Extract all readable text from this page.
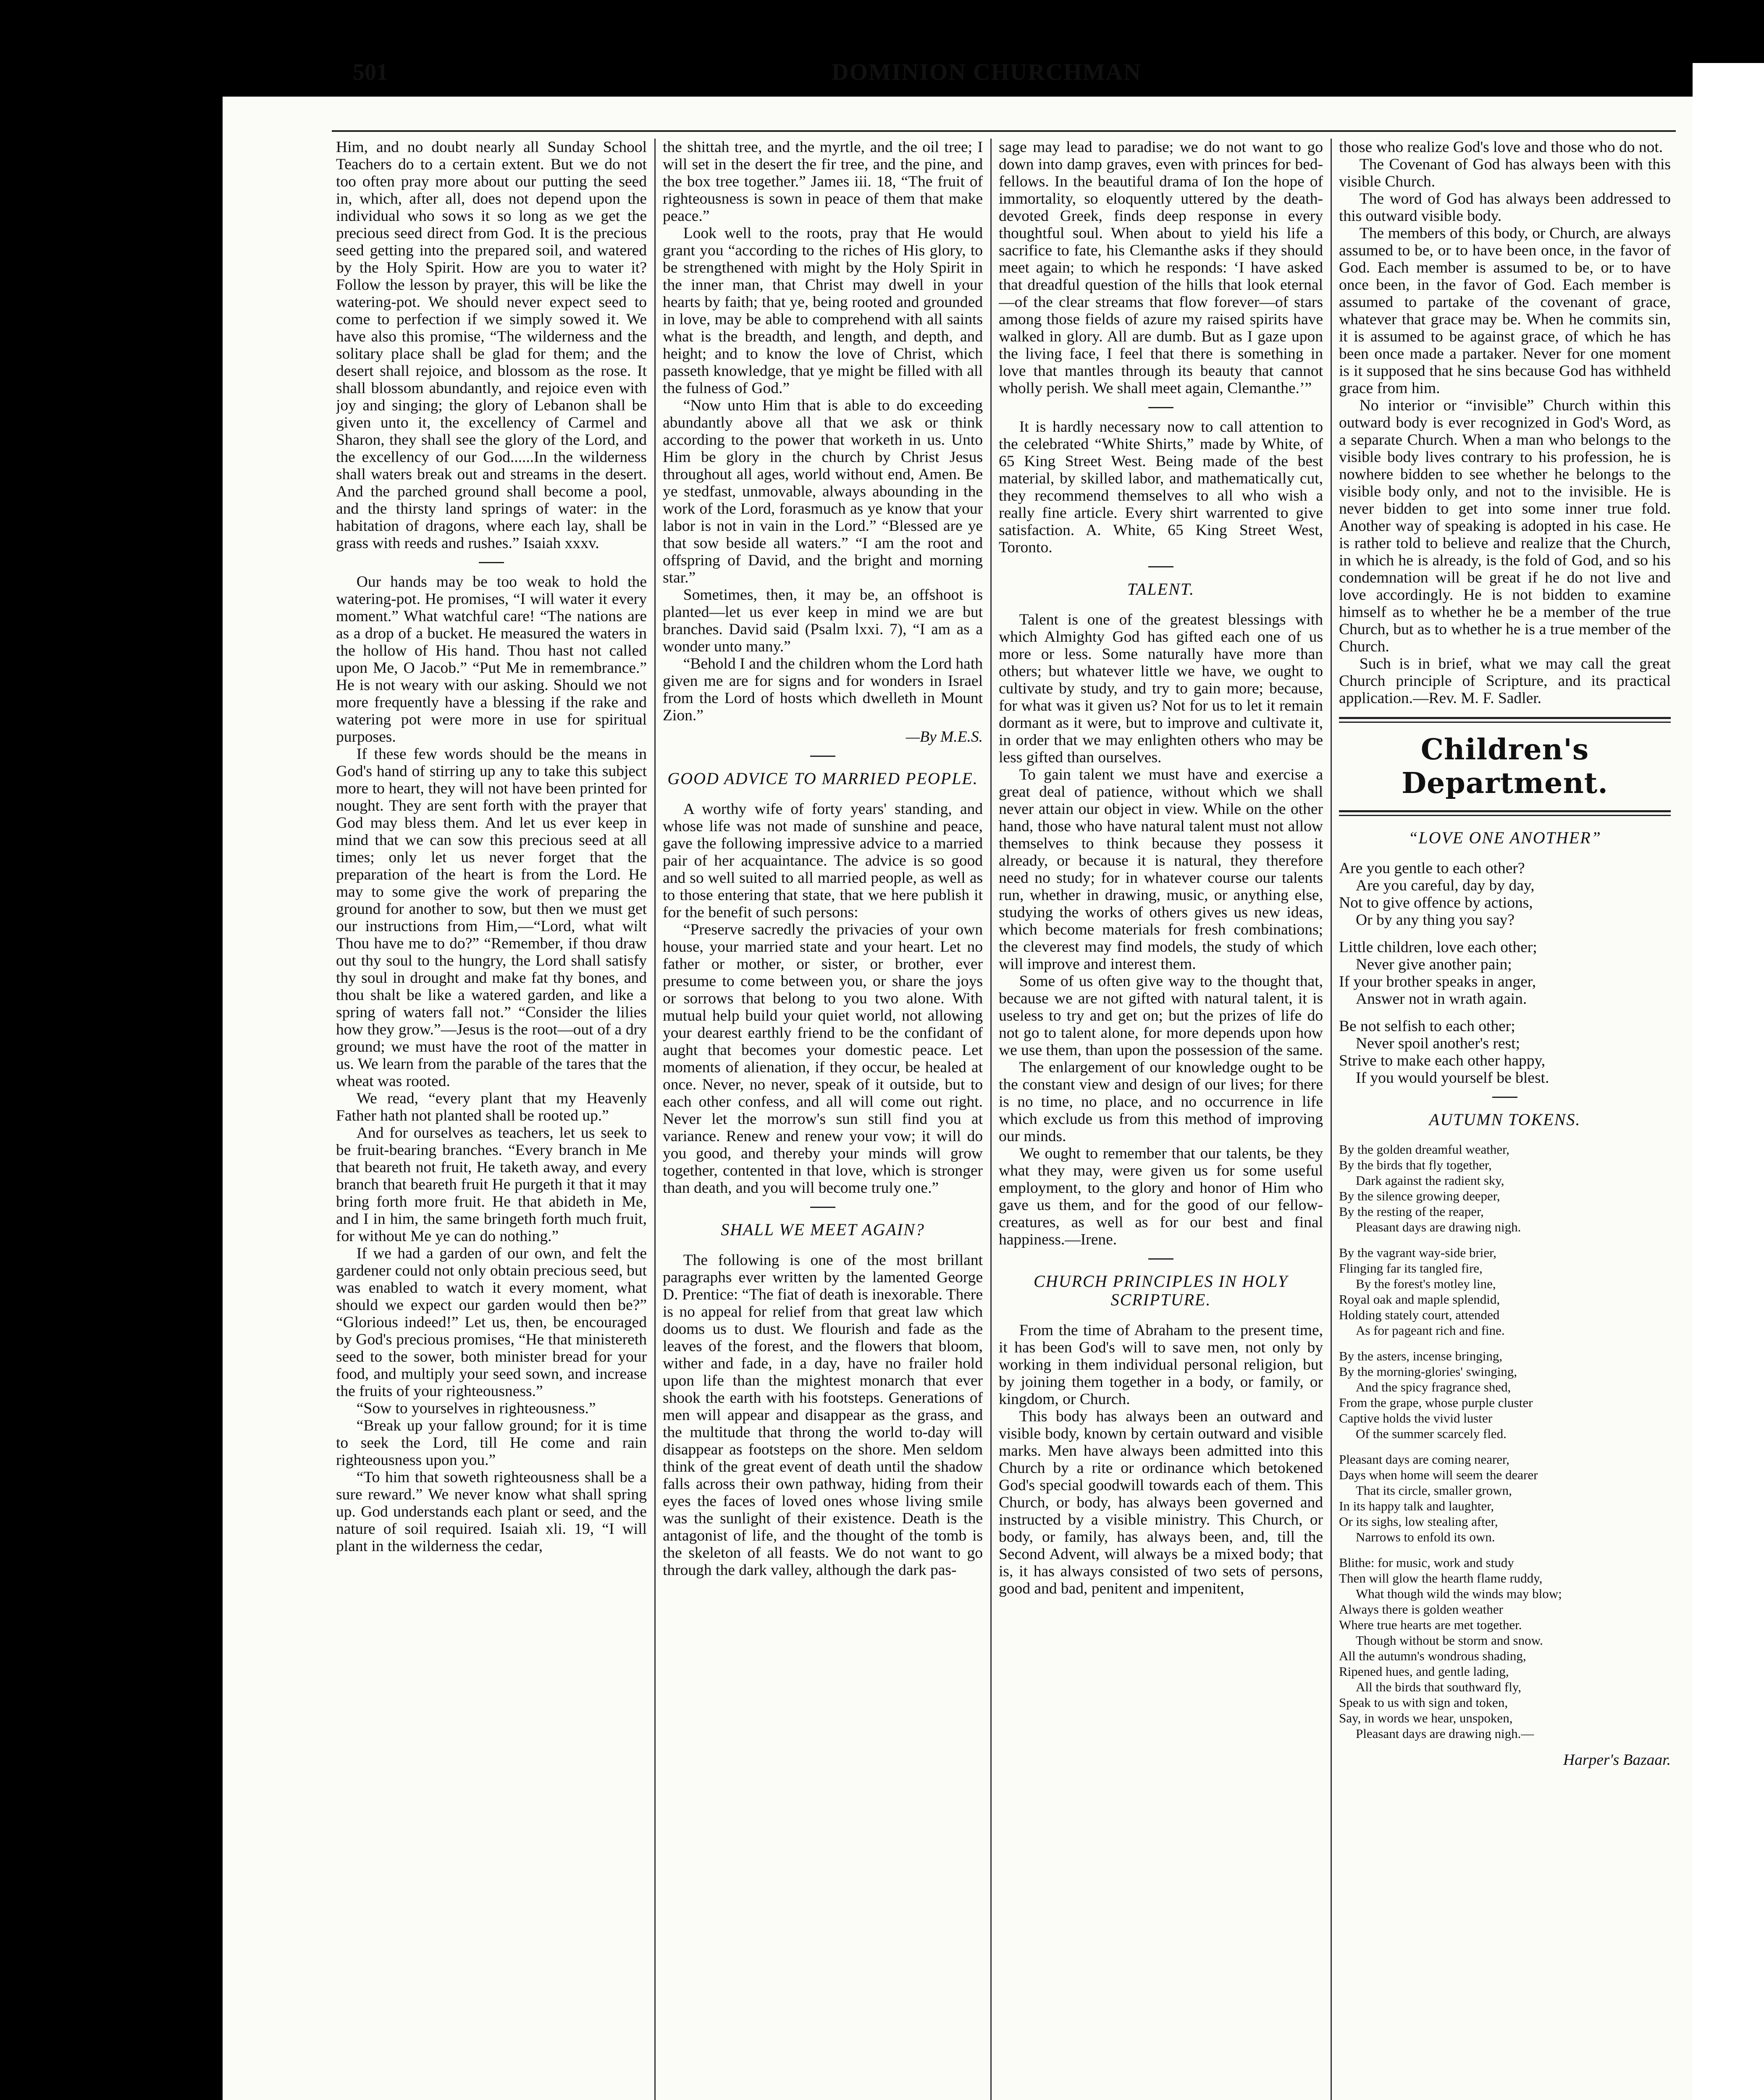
501	DOMINION CHURCHMAN

Him, and no doubt nearly all Sunday School Teachers do to a certain extent. But we do not too often pray more about our putting the seed in, which, after all, does not depend upon the individual who sows it so long as we get the precious seed direct from God. It is the precious seed getting into the prepared soil, and watered by the Holy Spirit. How are you to water it? Follow the lesson by prayer, this will be like the watering-pot. We should never expect seed to come to perfection if we simply sowed it. We have also this promise, “The wilderness and the solitary place shall be glad for them; and the desert shall rejoice, and blossom as the rose. It shall blossom abundantly, and rejoice even with joy and singing; the glory of Lebanon shall be given unto it, the excellency of Carmel and Sharon, they shall see the glory of the Lord, and the excellency of our God......In the wilderness shall waters break out and streams in the desert. And the parched ground shall become a pool, and the thirsty land springs of water: in the habitation of dragons, where each lay, shall be grass with reeds and rushes.” Isaiah xxxv.

Our hands may be too weak to hold the watering-pot. He promises, “I will water it every moment.” What watchful care! “The nations are as a drop of a bucket. He measured the waters in the hollow of His hand. Thou hast not called upon Me, O Jacob.” “Put Me in remembrance.” He is not weary with our asking. Should we not more frequently have a blessing if the rake and watering pot were more in use for spiritual purposes.

If these few words should be the means in God's hand of stirring up any to take this subject more to heart, they will not have been printed for nought. They are sent forth with the prayer that God may bless them. And let us ever keep in mind that we can sow this precious seed at all times; only let us never forget that the preparation of the heart is from the Lord. He may to some give the work of preparing the ground for another to sow, but then we must get our instructions from Him,—“Lord, what wilt Thou have me to do?” “Remember, if thou draw out thy soul to the hungry, the Lord shall satisfy thy soul in drought and make fat thy bones, and thou shalt be like a watered garden, and like a spring of waters fall not.” “Consider the lilies how they grow.”—Jesus is the root—out of a dry ground; we must have the root of the matter in us. We learn from the parable of the tares that the wheat was rooted.

We read, “every plant that my Heavenly Father hath not planted shall be rooted up.”

And for ourselves as teachers, let us seek to be fruit-bearing branches. “Every branch in Me that beareth not fruit, He taketh away, and every branch that beareth fruit He purgeth it that it may bring forth more fruit. He that abideth in Me, and I in him, the same bringeth forth much fruit, for without Me ye can do nothing.”

If we had a garden of our own, and felt the gardener could not only obtain precious seed, but was enabled to watch it every moment, what should we expect our garden would then be?” “Glorious indeed!” Let us, then, be encouraged by God's precious promises, “He that ministereth seed to the sower, both minister bread for your food, and multiply your seed sown, and increase the fruits of your righteousness.”

“Sow to yourselves in righteousness.”

“Break up your fallow ground; for it is time to seek the Lord, till He come and rain righteousness upon you.”

“To him that soweth righteousness shall be a sure reward.” We never know what shall spring up. God understands each plant or seed, and the nature of soil required. Isaiah xli. 19, “I will plant in the wilderness the cedar,

the shittah tree, and the myrtle, and the oil tree; I will set in the desert the fir tree, and the pine, and the box tree together.” James iii. 18, “The fruit of righteousness is sown in peace of them that make peace.”

Look well to the roots, pray that He would grant you “according to the riches of His glory, to be strengthened with might by the Holy Spirit in the inner man, that Christ may dwell in your hearts by faith; that ye, being rooted and grounded in love, may be able to comprehend with all saints what is the breadth, and length, and depth, and height; and to know the love of Christ, which passeth knowledge, that ye might be filled with all the fulness of God.”

“Now unto Him that is able to do exceeding abundantly above all that we ask or think according to the power that worketh in us. Unto Him be glory in the church by Christ Jesus throughout all ages, world without end, Amen. Be ye stedfast, unmovable, always abounding in the work of the Lord, forasmuch as ye know that your labor is not in vain in the Lord.” “Blessed are ye that sow beside all waters.” “I am the root and offspring of David, and the bright and morning star.”

Sometimes, then, it may be, an offshoot is planted—let us ever keep in mind we are but branches. David said (Psalm lxxi. 7), “I am as a wonder unto many.”

“Behold I and the children whom the Lord hath given me are for signs and for wonders in Israel from the Lord of hosts which dwelleth in Mount Zion.”

—By M.E.S.
GOOD ADVICE TO MARRIED PEOPLE.

A worthy wife of forty years' standing, and whose life was not made of sunshine and peace, gave the following impressive advice to a married pair of her acquaintance. The advice is so good and so well suited to all married people, as well as to those entering that state, that we here publish it for the benefit of such persons:

“Preserve sacredly the privacies of your own house, your married state and your heart. Let no father or mother, or sister, or brother, ever presume to come between you, or share the joys or sorrows that belong to you two alone. With mutual help build your quiet world, not allowing your dearest earthly friend to be the confidant of aught that becomes your domestic peace. Let moments of alienation, if they occur, be healed at once. Never, no never, speak of it outside, but to each other confess, and all will come out right. Never let the morrow's sun still find you at variance. Renew and renew your vow; it will do you good, and thereby your minds will grow together, contented in that love, which is stronger than death, and you will become truly one.”

SHALL WE MEET AGAIN?

The following is one of the most brillant paragraphs ever written by the lamented George D. Prentice: “The fiat of death is inexorable. There is no appeal for relief from that great law which dooms us to dust. We flourish and fade as the leaves of the forest, and the flowers that bloom, wither and fade, in a day, have no frailer hold upon life than the mightest monarch that ever shook the earth with his footsteps. Generations of men will appear and disappear as the grass, and the multitude that throng the world to-day will disappear as footsteps on the shore. Men seldom think of the great event of death until the shadow falls across their own pathway, hiding from their eyes the faces of loved ones whose living smile was the sunlight of their existence. Death is the antagonist of life, and the thought of the tomb is the skeleton of all feasts. We do not want to go through the dark valley, although the dark pas-

sage may lead to paradise; we do not want to go down into damp graves, even with princes for bed-fellows. In the beautiful drama of Ion the hope of immortality, so eloquently uttered by the death-devoted Greek, finds deep response in every thoughtful soul. When about to yield his life a sacrifice to fate, his Clemanthe asks if they should meet again; to which he responds: ‘I have asked that dreadful question of the hills that look eternal—of the clear streams that flow forever—of stars among those fields of azure my raised spirits have walked in glory. All are dumb. But as I gaze upon the living face, I feel that there is something in love that mantles through its beauty that cannot wholly perish. We shall meet again, Clemanthe.’”

It is hardly necessary now to call attention to the celebrated “White Shirts,” made by White, of 65 King Street West. Being made of the best material, by skilled labor, and mathematically cut, they recommend themselves to all who wish a really fine article. Every shirt warrented to give satisfaction. A. White, 65 King Street West, Toronto.

TALENT.

Talent is one of the greatest blessings with which Almighty God has gifted each one of us more or less. Some naturally have more than others; but whatever little we have, we ought to cultivate by study, and try to gain more; because, for what was it given us? Not for us to let it remain dormant as it were, but to improve and cultivate it, in order that we may enlighten others who may be less gifted than ourselves.

To gain talent we must have and exercise a great deal of patience, without which we shall never attain our object in view. While on the other hand, those who have natural talent must not allow themselves to think because they possess it already, or because it is natural, they therefore need no study; for in whatever course our talents run, whether in drawing, music, or anything else, studying the works of others gives us new ideas, which become materials for fresh combinations; the cleverest may find models, the study of which will improve and interest them.

Some of us often give way to the thought that, because we are not gifted with natural talent, it is useless to try and get on; but the prizes of life do not go to talent alone, for more depends upon how we use them, than upon the possession of the same.

The enlargement of our knowledge ought to be the constant view and design of our lives; for there is no time, no place, and no occurrence in life which exclude us from this method of improving our minds.

We ought to remember that our talents, be they what they may, were given us for some useful employment, to the glory and honor of Him who gave us them, and for the good of our fellow-creatures, as well as for our best and final happiness.—Irene.

CHURCH PRINCIPLES IN HOLY SCRIPTURE.

From the time of Abraham to the present time, it has been God's will to save men, not only by working in them individual personal religion, but by joining them together in a body, or family, or kingdom, or Church.

This body has always been an outward and visible body, known by certain outward and visible marks. Men have always been admitted into this Church by a rite or ordinance which betokened God's special goodwill towards each of them. This Church, or body, has always been governed and instructed by a visible ministry. This Church, or body, or family, has always been, and, till the Second Advent, will always be a mixed body; that is, it has always consisted of two sets of persons, good and bad, penitent and impenitent,

those who realize God's love and those who do not.

The Covenant of God has always been with this visible Church.

The word of God has always been addressed to this outward visible body.

The members of this body, or Church, are always assumed to be, or to have been once, in the favor of God. Each member is assumed to be, or to have once been, in the favor of God. Each member is assumed to partake of the covenant of grace, whatever that grace may be. When he commits sin, it is assumed to be against grace, of which he has been once made a partaker. Never for one moment is it supposed that he sins because God has withheld grace from him.

No interior or “invisible” Church within this outward body is ever recognized in God's Word, as a separate Church. When a man who belongs to the visible body lives contrary to his profession, he is nowhere bidden to see whether he belongs to the visible body only, and not to the invisible. He is never bidden to get into some inner true fold. Another way of speaking is adopted in his case. He is rather told to believe and realize that the Church, in which he is already, is the fold of God, and so his condemnation will be great if he do not live and love accordingly. He is not bidden to examine himself as to whether he be a member of the true Church, but as to whether he is a true member of the Church.

Such is in brief, what we may call the great Church principle of Scripture, and its practical application.—Rev. M. F. Sadler.

Children's Department.
“LOVE ONE ANOTHER”

Are you gentle to each other?

Are you careful, day by day,

Not to give offence by actions,

Or by any thing you say?

Little children, love each other;

Never give another pain;

If your brother speaks in anger,

Answer not in wrath again.

Be not selfish to each other;

Never spoil another's rest;

Strive to make each other happy,

If you would yourself be blest.

AUTUMN TOKENS.

By the golden dreamful weather,

By the birds that fly together,

Dark against the radient sky,

By the silence growing deeper,

By the resting of the reaper,

Pleasant days are drawing nigh.

By the vagrant way-side brier,

Flinging far its tangled fire,

By the forest's motley line,

Royal oak and maple splendid,

Holding stately court, attended

As for pageant rich and fine.

By the asters, incense bringing,

By the morning-glories' swinging,

And the spicy fragrance shed,

From the grape, whose purple cluster

Captive holds the vivid luster

Of the summer scarcely fled.

Pleasant days are coming nearer,

Days when home will seem the dearer

That its circle, smaller grown,

In its happy talk and laughter,

Or its sighs, low stealing after,

Narrows to enfold its own.

Blithe: for music, work and study

Then will glow the hearth flame ruddy,

What though wild the winds may blow;

Always there is golden weather

Where true hearts are met together.

Though without be storm and snow.

All the autumn's wondrous shading,

Ripened hues, and gentle lading,

All the birds that southward fly,

Speak to us with sign and token,

Say, in words we hear, unspoken,

Pleasant days are drawing nigh.—

Harper's Bazaar.
